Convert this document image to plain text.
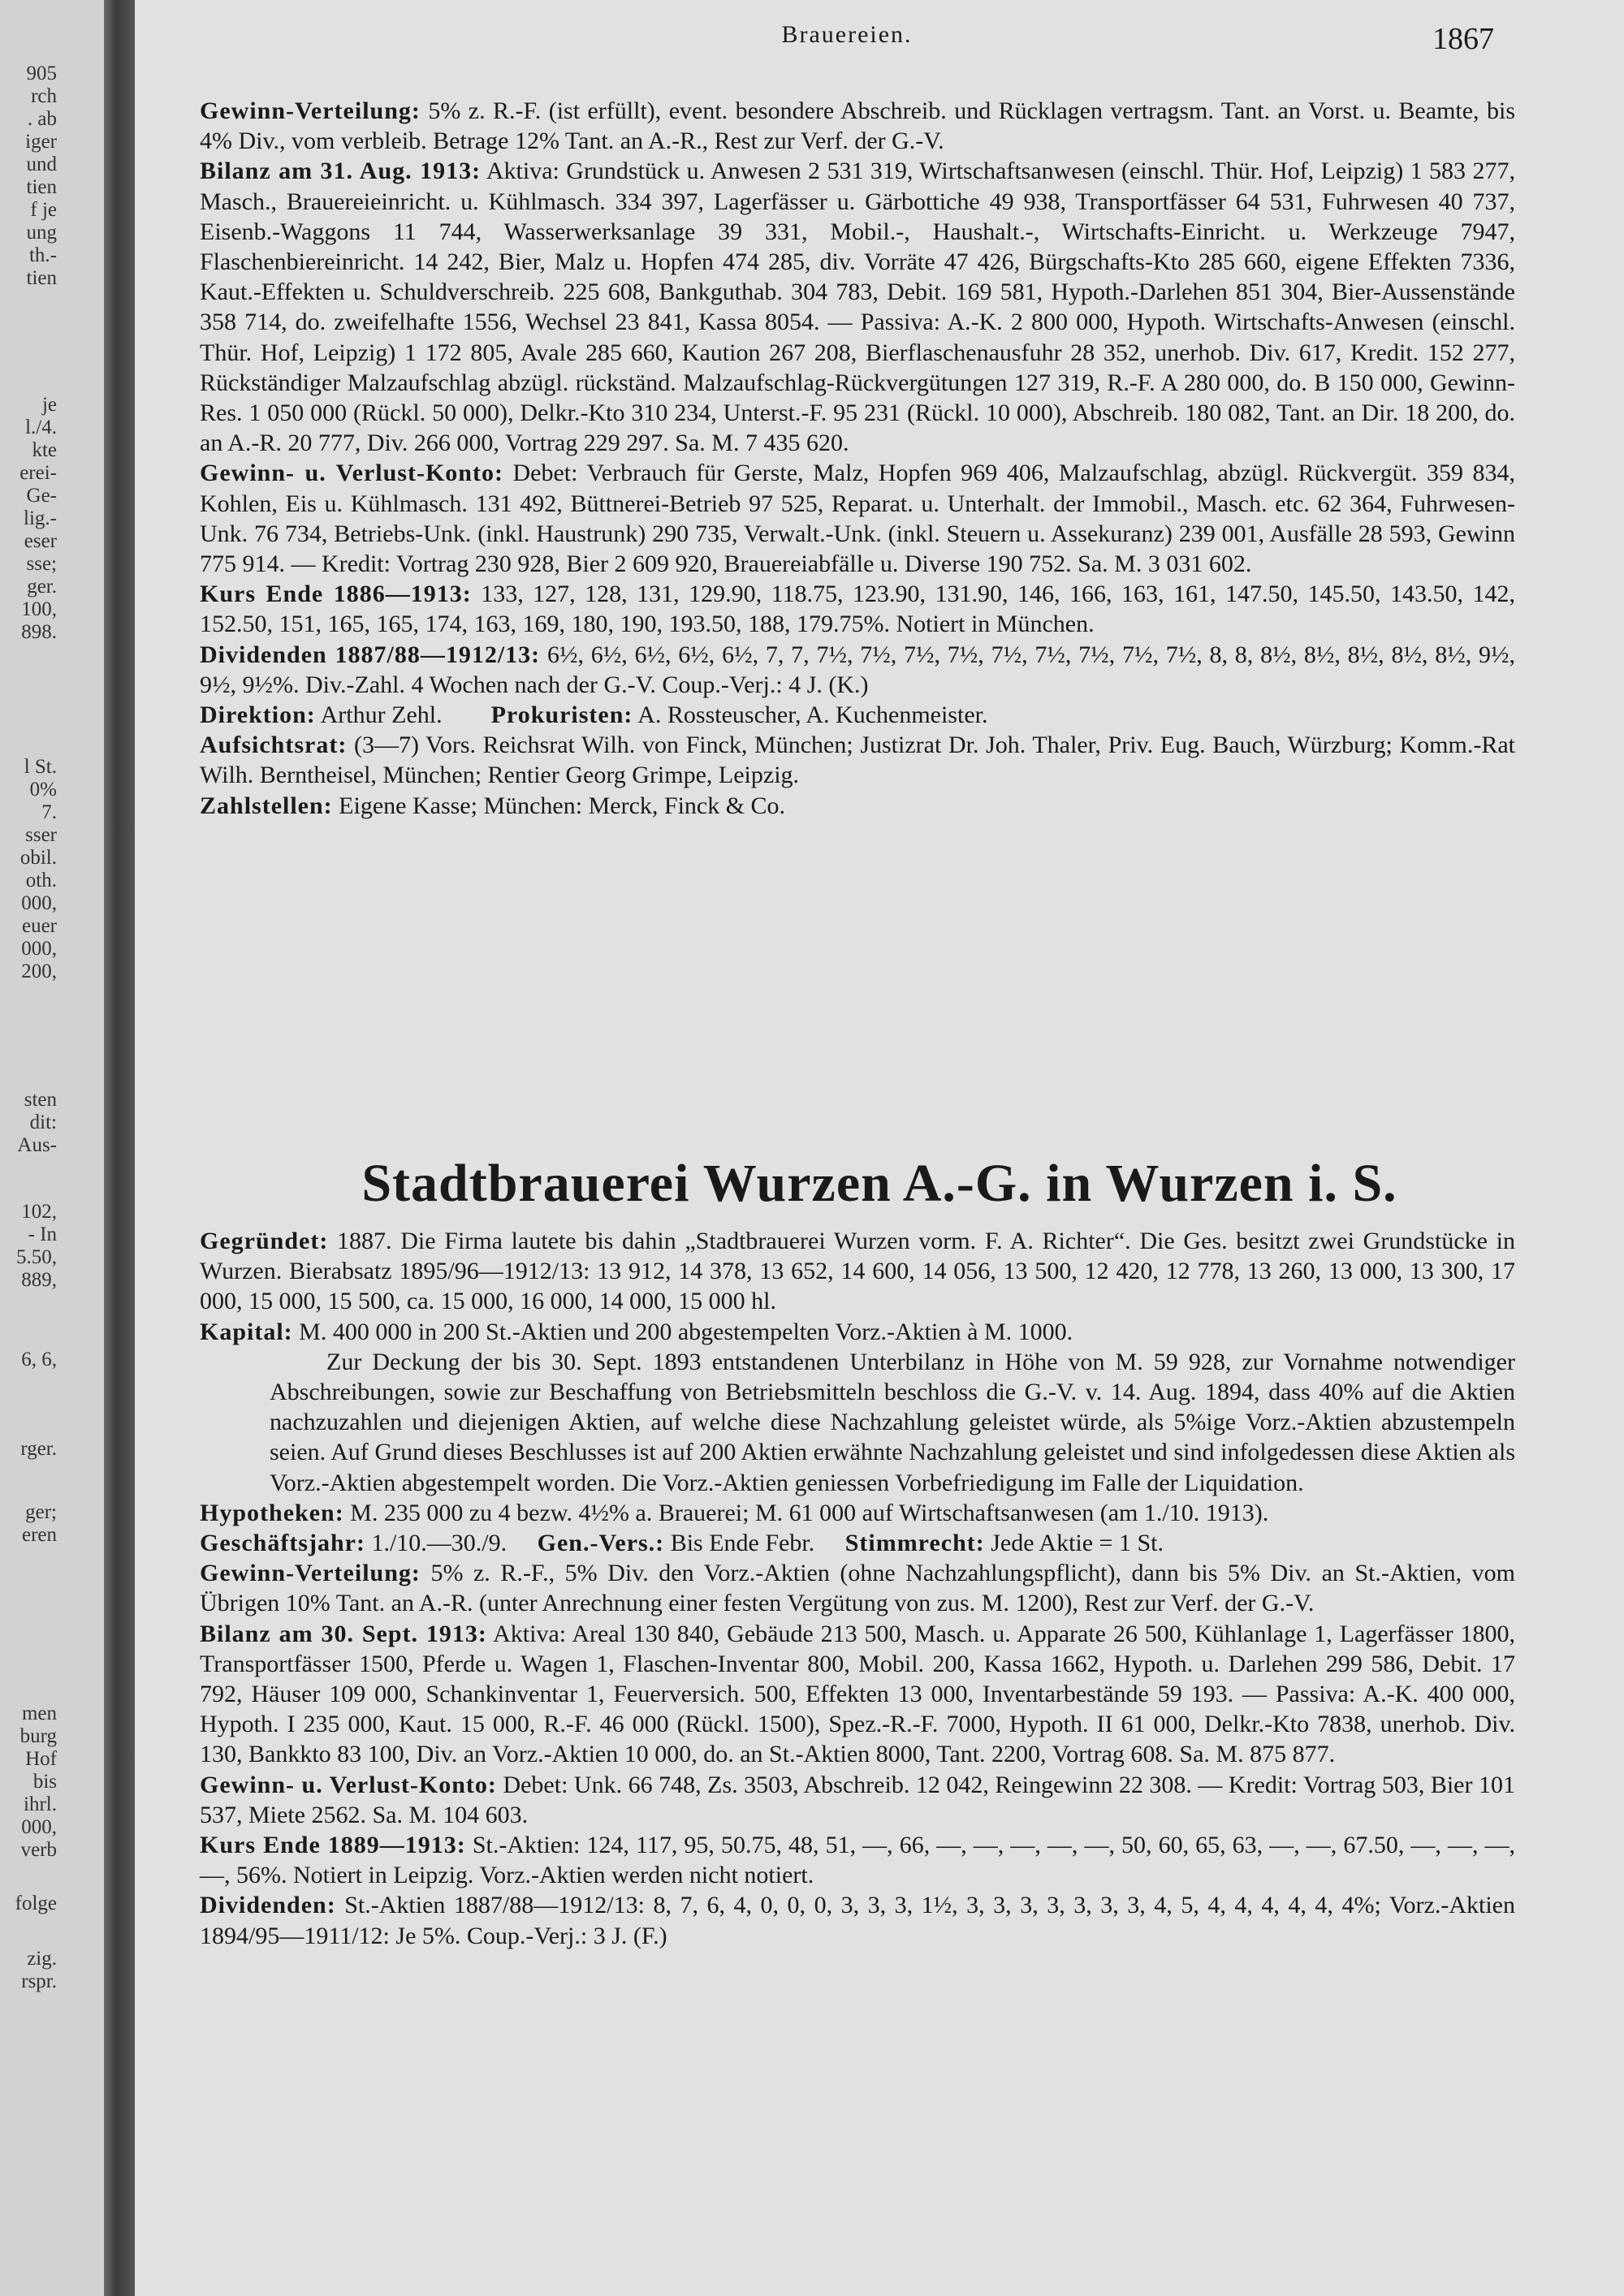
905
rch
. ab
iger
und
tien
f je
ung
th.-
tien
je
l./4.
kte
erei-
Ge-
lig.-
eser
sse;
ger.
100,
898.
l St.
0%
7.
sser
obil.
oth.
000,
euer
000,
200,
sten
dit:
Aus-
102,
- In
5.50,
889,
6, 6,
rger.
ger;
eren
men
burg
Hof
bis
ihrl.
000,
verb
folge
zig.
rspr.
Brauereien.	1867

Gewinn-Verteilung: 5% z. R.-F. (ist erfüllt), event. besondere Abschreib. und Rücklagen vertragsm. Tant. an Vorst. u. Beamte, bis 4% Div., vom verbleib. Betrage 12% Tant. an A.-R., Rest zur Verf. der G.-V.

Bilanz am 31. Aug. 1913: Aktiva: Grundstück u. Anwesen 2 531 319, Wirtschaftsanwesen (einschl. Thür. Hof, Leipzig) 1 583 277, Masch., Brauereieinricht. u. Kühlmasch. 334 397, Lagerfässer u. Gärbottiche 49 938, Transportfässer 64 531, Fuhrwesen 40 737, Eisenb.-Waggons 11 744, Wasserwerksanlage 39 331, Mobil.-, Haushalt.-, Wirtschafts-Einricht. u. Werkzeuge 7947, Flaschenbiereinricht. 14 242, Bier, Malz u. Hopfen 474 285, div. Vorräte 47 426, Bürgschafts-Kto 285 660, eigene Effekten 7336, Kaut.-Effekten u. Schuldverschreib. 225 608, Bankguthab. 304 783, Debit. 169 581, Hypoth.-Darlehen 851 304, Bier-Aussenstände 358 714, do. zweifelhafte 1556, Wechsel 23 841, Kassa 8054. — Passiva: A.-K. 2 800 000, Hypoth. Wirtschafts-Anwesen (einschl. Thür. Hof, Leipzig) 1 172 805, Avale 285 660, Kaution 267 208, Bierflaschenausfuhr 28 352, unerhob. Div. 617, Kredit. 152 277, Rückständiger Malzaufschlag abzügl. rückständ. Malzaufschlag-Rückvergütungen 127 319, R.-F. A 280 000, do. B 150 000, Gewinn-Res. 1 050 000 (Rückl. 50 000), Delkr.-Kto 310 234, Unterst.-F. 95 231 (Rückl. 10 000), Abschreib. 180 082, Tant. an Dir. 18 200, do. an A.-R. 20 777, Div. 266 000, Vortrag 229 297. Sa. M. 7 435 620.

Gewinn- u. Verlust-Konto: Debet: Verbrauch für Gerste, Malz, Hopfen 969 406, Malzaufschlag, abzügl. Rückvergüt. 359 834, Kohlen, Eis u. Kühlmasch. 131 492, Büttnerei-Betrieb 97 525, Reparat. u. Unterhalt. der Immobil., Masch. etc. 62 364, Fuhrwesen-Unk. 76 734, Betriebs-Unk. (inkl. Haustrunk) 290 735, Verwalt.-Unk. (inkl. Steuern u. Assekuranz) 239 001, Ausfälle 28 593, Gewinn 775 914. — Kredit: Vortrag 230 928, Bier 2 609 920, Brauereiabfälle u. Diverse 190 752. Sa. M. 3 031 602.

Kurs Ende 1886—1913: 133, 127, 128, 131, 129.90, 118.75, 123.90, 131.90, 146, 166, 163, 161, 147.50, 145.50, 143.50, 142, 152.50, 151, 165, 165, 174, 163, 169, 180, 190, 193.50, 188, 179.75%. Notiert in München.

Dividenden 1887/88—1912/13: 6½, 6½, 6½, 6½, 6½, 7, 7, 7½, 7½, 7½, 7½, 7½, 7½, 7½, 7½, 7½, 8, 8, 8½, 8½, 8½, 8½, 8½, 9½, 9½, 9½%. Div.-Zahl. 4 Wochen nach der G.-V. Coup.-Verj.: 4 J. (K.)

Direktion: Arthur Zehl. Prokuristen: A. Rossteuscher, A. Kuchenmeister.

Aufsichtsrat: (3—7) Vors. Reichsrat Wilh. von Finck, München; Justizrat Dr. Joh. Thaler, Priv. Eug. Bauch, Würzburg; Komm.-Rat Wilh. Berntheisel, München; Rentier Georg Grimpe, Leipzig.

Zahlstellen: Eigene Kasse; München: Merck, Finck & Co.

Stadtbrauerei Wurzen A.-G. in Wurzen i. S.

Gegründet: 1887. Die Firma lautete bis dahin „Stadtbrauerei Wurzen vorm. F. A. Richter“. Die Ges. besitzt zwei Grundstücke in Wurzen. Bierabsatz 1895/96—1912/13: 13 912, 14 378, 13 652, 14 600, 14 056, 13 500, 12 420, 12 778, 13 260, 13 000, 13 300, 17 000, 15 000, 15 500, ca. 15 000, 16 000, 14 000, 15 000 hl.

Kapital: M. 400 000 in 200 St.-Aktien und 200 abgestempelten Vorz.-Aktien à M. 1000.

Zur Deckung der bis 30. Sept. 1893 entstandenen Unterbilanz in Höhe von M. 59 928, zur Vornahme notwendiger Abschreibungen, sowie zur Beschaffung von Betriebsmitteln beschloss die G.-V. v. 14. Aug. 1894, dass 40% auf die Aktien nachzuzahlen und diejenigen Aktien, auf welche diese Nachzahlung geleistet würde, als 5%ige Vorz.-Aktien abzustempeln seien. Auf Grund dieses Beschlusses ist auf 200 Aktien erwähnte Nachzahlung geleistet und sind infolgedessen diese Aktien als Vorz.-Aktien abgestempelt worden. Die Vorz.-Aktien geniessen Vorbefriedigung im Falle der Liquidation.

Hypotheken: M. 235 000 zu 4 bezw. 4½% a. Brauerei; M. 61 000 auf Wirtschaftsanwesen (am 1./10. 1913).

Geschäftsjahr: 1./10.—30./9. Gen.-Vers.: Bis Ende Febr. Stimmrecht: Jede Aktie = 1 St.

Gewinn-Verteilung: 5% z. R.-F., 5% Div. den Vorz.-Aktien (ohne Nachzahlungspflicht), dann bis 5% Div. an St.-Aktien, vom Übrigen 10% Tant. an A.-R. (unter Anrechnung einer festen Vergütung von zus. M. 1200), Rest zur Verf. der G.-V.

Bilanz am 30. Sept. 1913: Aktiva: Areal 130 840, Gebäude 213 500, Masch. u. Apparate 26 500, Kühlanlage 1, Lagerfässer 1800, Transportfässer 1500, Pferde u. Wagen 1, Flaschen-Inventar 800, Mobil. 200, Kassa 1662, Hypoth. u. Darlehen 299 586, Debit. 17 792, Häuser 109 000, Schankinventar 1, Feuerversich. 500, Effekten 13 000, Inventarbestände 59 193. — Passiva: A.-K. 400 000, Hypoth. I 235 000, Kaut. 15 000, R.-F. 46 000 (Rückl. 1500), Spez.-R.-F. 7000, Hypoth. II 61 000, Delkr.-Kto 7838, unerhob. Div. 130, Bankkto 83 100, Div. an Vorz.-Aktien 10 000, do. an St.-Aktien 8000, Tant. 2200, Vortrag 608. Sa. M. 875 877.

Gewinn- u. Verlust-Konto: Debet: Unk. 66 748, Zs. 3503, Abschreib. 12 042, Reingewinn 22 308. — Kredit: Vortrag 503, Bier 101 537, Miete 2562. Sa. M. 104 603.

Kurs Ende 1889—1913: St.-Aktien: 124, 117, 95, 50.75, 48, 51, —, 66, —, —, —, —, —, 50, 60, 65, 63, —, —, 67.50, —, —, —, —, 56%. Notiert in Leipzig. Vorz.-Aktien werden nicht notiert.

Dividenden: St.-Aktien 1887/88—1912/13: 8, 7, 6, 4, 0, 0, 0, 3, 3, 3, 1½, 3, 3, 3, 3, 3, 3, 3, 4, 5, 4, 4, 4, 4, 4, 4%; Vorz.-Aktien 1894/95—1911/12: Je 5%. Coup.-Verj.: 3 J. (F.)
